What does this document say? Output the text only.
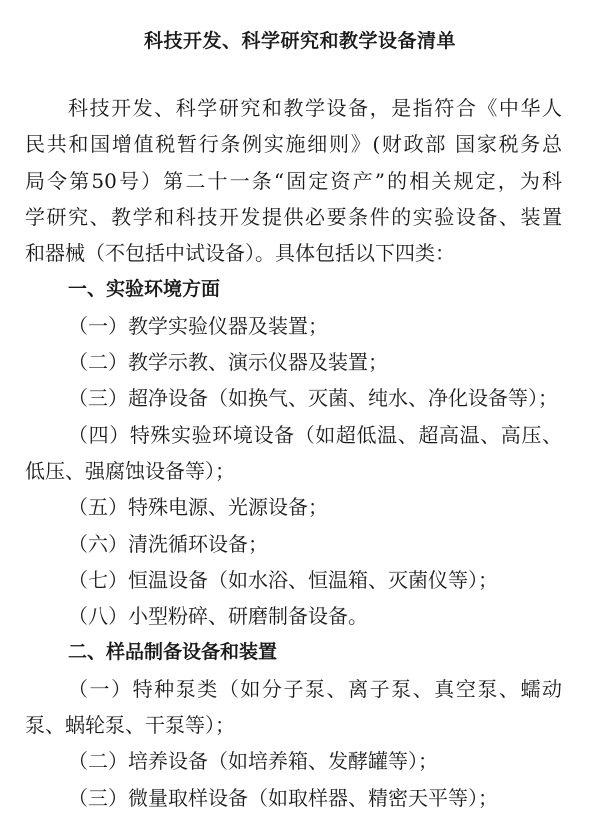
科技开发、科学研究和教学设备清单
科技开发、科学研究和教学设备，是指符合《中华人
民共和国增值税暂行条例实施细则》(财政部 国家税务总
局令第50号）第二十一条“固定资产”的相关规定，为科
学研究、教学和科技开发提供必要条件的实验设备、装置
和器械（不包括中试设备）。具体包括以下四类：
一、实验环境方面
（一）教学实验仪器及装置；
（二）教学示教、演示仪器及装置；
（三）超净设备（如换气、灭菌、纯水、净化设备等）；
（四）特殊实验环境设备（如超低温、超高温、高压、
低压、强腐蚀设备等）；
（五）特殊电源、光源设备；
（六）清洗循环设备；
（七）恒温设备（如水浴、恒温箱、灭菌仪等）；
（八）小型粉碎、研磨制备设备。
二、样品制备设备和装置
（一）特种泵类（如分子泵、离子泵、真空泵、蠕动
泵、蜗轮泵、干泵等）；
（二）培养设备（如培养箱、发酵罐等）；
（三）微量取样设备（如取样器、精密天平等）；
